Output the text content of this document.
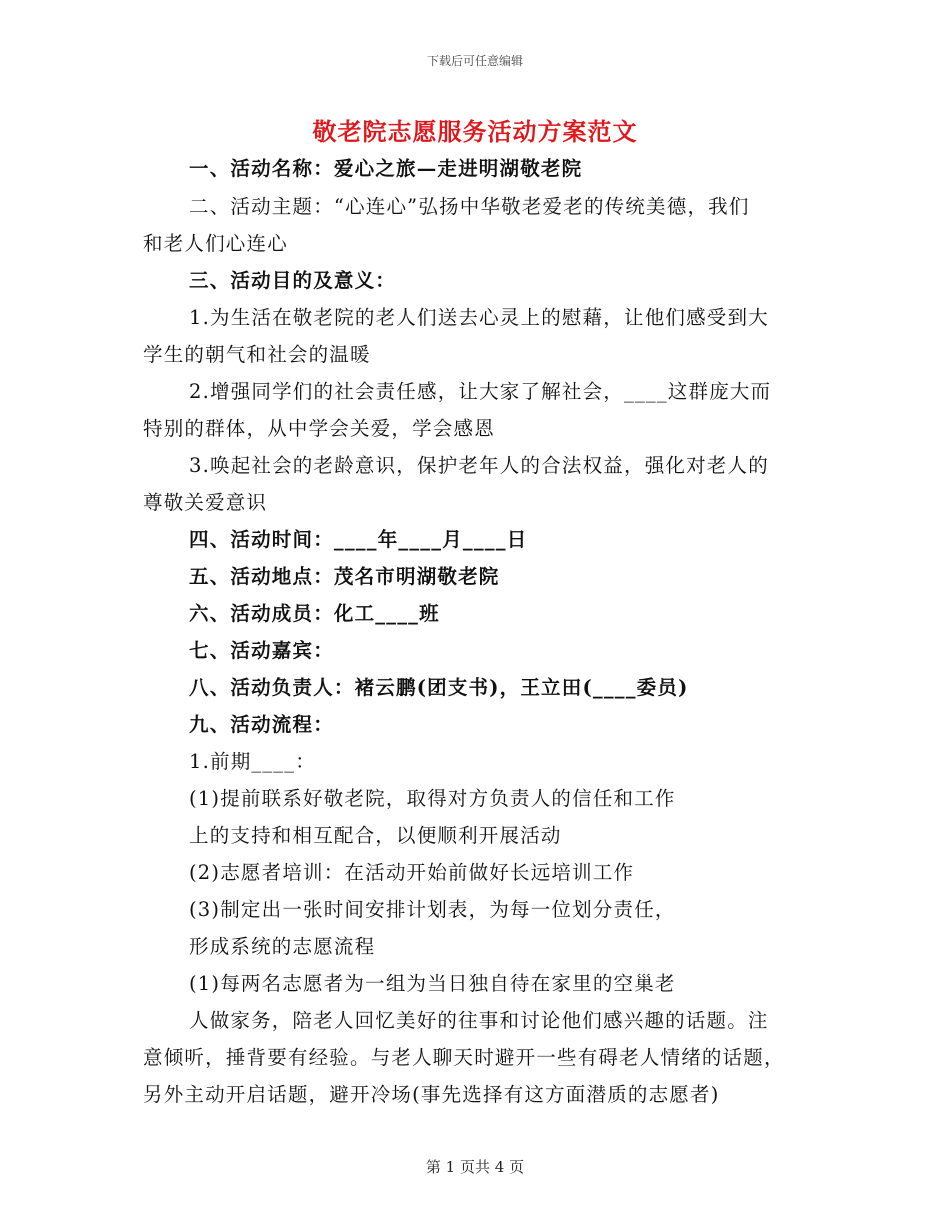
下载后可任意编辑
敬老院志愿服务活动方案范文
一、活动名称：爱心之旅—走进明湖敬老院
二、活动主题：“心连心”弘扬中华敬老爱老的传统美德，我们
和老人们心连心
三、活动目的及意义：
1.为生活在敬老院的老人们送去心灵上的慰藉，让他们感受到大
学生的朝气和社会的温暖
2.增强同学们的社会责任感，让大家了解社会，____这群庞大而
特别的群体，从中学会关爱，学会感恩
3.唤起社会的老龄意识，保护老年人的合法权益，强化对老人的
尊敬关爱意识
四、活动时间：____年____月____日
五、活动地点：茂名市明湖敬老院
六、活动成员：化工____班
七、活动嘉宾：
八、活动负责人：褚云鹏(团支书)，王立田(____委员)
九、活动流程：
1.前期____：
(1)提前联系好敬老院，取得对方负责人的信任和工作
上的支持和相互配合，以便顺利开展活动
(2)志愿者培训：在活动开始前做好长远培训工作
(3)制定出一张时间安排计划表，为每一位划分责任，
形成系统的志愿流程
(1)每两名志愿者为一组为当日独自待在家里的空巢老
人做家务，陪老人回忆美好的往事和讨论他们感兴趣的话题。注
意倾听，捶背要有经验。与老人聊天时避开一些有碍老人情绪的话题，
另外主动开启话题，避开冷场(事先选择有这方面潜质的志愿者)
第 1 页共 4 页
